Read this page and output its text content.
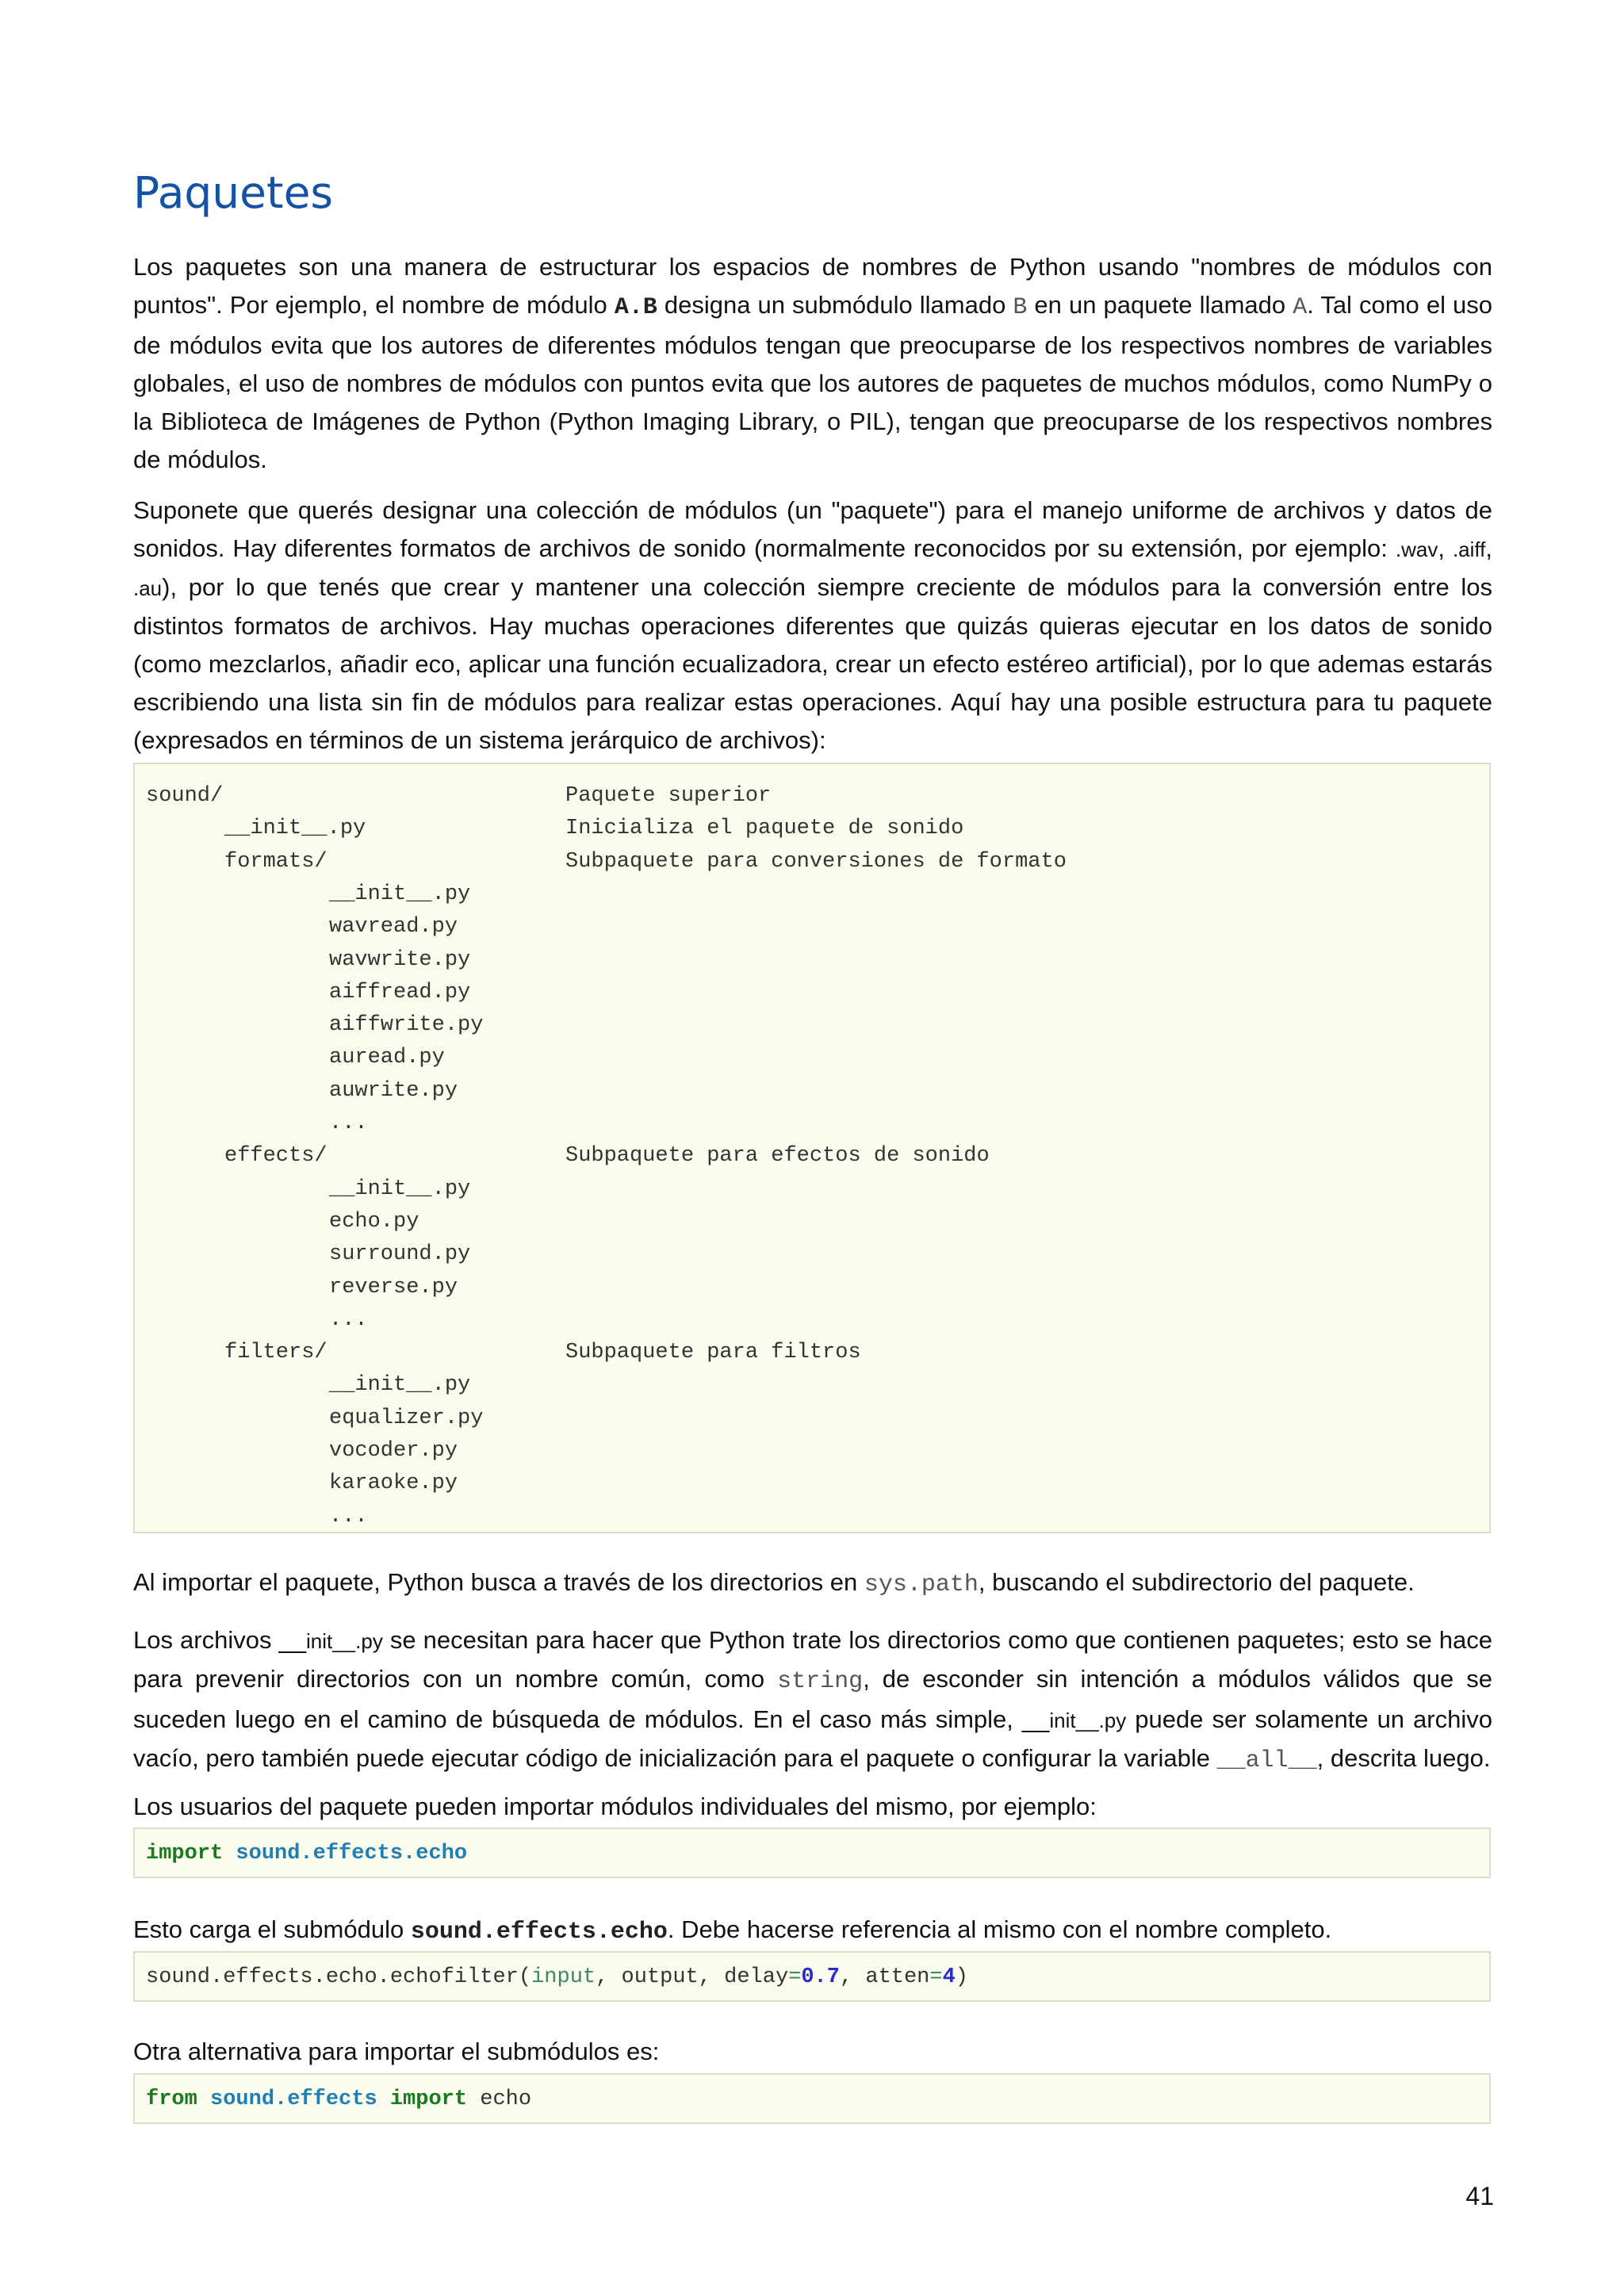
Paquetes

Los paquetes son una manera de estructurar los espacios de nombres de Python usando "nombres de módulos con puntos". Por ejemplo, el nombre de módulo A.B designa un submódulo llamado B en un paquete llamado A. Tal como el uso de módulos evita que los autores de diferentes módulos tengan que preocuparse de los respectivos nombres de variables globales, el uso de nombres de módulos con puntos evita que los autores de paquetes de muchos módulos, como NumPy o la Biblioteca de Imágenes de Python (Python Imaging Library, o PIL), tengan que preocuparse de los respectivos nombres de módulos.

Suponete que querés designar una colección de módulos (un "paquete") para el manejo uniforme de archivos y datos de sonidos. Hay diferentes formatos de archivos de sonido (normalmente reconocidos por su extensión, por ejemplo: .wav, .aiff, .au), por lo que tenés que crear y mantener una colección siempre creciente de módulos para la conversión entre los distintos formatos de archivos. Hay muchas operaciones diferentes que quizás quieras ejecutar en los datos de sonido (como mezclarlos, añadir eco, aplicar una función ecualizadora, crear un efecto estéreo artificial), por lo que ademas estarás escribiendo una lista sin fin de módulos para realizar estas operaciones. Aquí hay una posible estructura para tu paquete (expresados en términos de un sistema jerárquico de archivos):

sound/	Paquete superior
__init__.py	Inicializa el paquete de sonido
formats/	Subpaquete para conversiones de formato
__init__.py
wavread.py
wavwrite.py
aiffread.py
aiffwrite.py
auread.py
auwrite.py
...
effects/	Subpaquete para efectos de sonido
__init__.py
echo.py
surround.py
reverse.py
...
filters/	Subpaquete para filtros
__init__.py
equalizer.py
vocoder.py
karaoke.py
...

Al importar el paquete, Python busca a través de los directorios en sys.path, buscando el subdirectorio del paquete.

Los archivos __init__.py se necesitan para hacer que Python trate los directorios como que contienen paquetes; esto se hace para prevenir directorios con un nombre común, como string, de esconder sin intención a módulos válidos que se suceden luego en el camino de búsqueda de módulos. En el caso más simple, __init__.py puede ser solamente un archivo vacío, pero también puede ejecutar código de inicialización para el paquete o configurar la variable __all__, descrita luego.

Los usuarios del paquete pueden importar módulos individuales del mismo, por ejemplo:

import sound.effects.echo

Esto carga el submódulo sound.effects.echo. Debe hacerse referencia al mismo con el nombre completo.

sound.effects.echo.echofilter(input, output, delay=0.7, atten=4)

Otra alternativa para importar el submódulos es:

from sound.effects import echo
41
